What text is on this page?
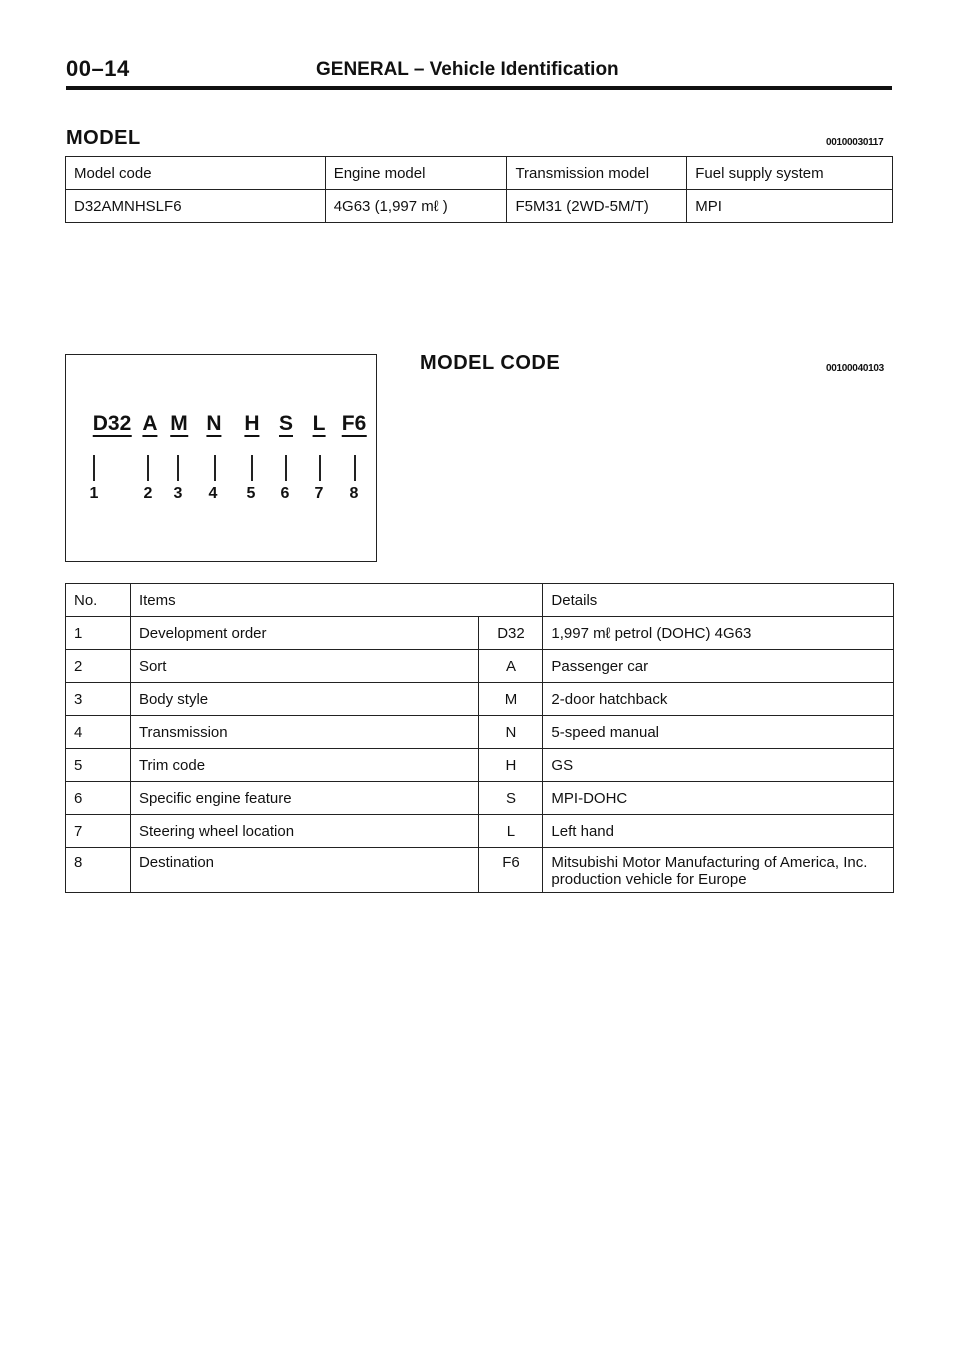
00–14	GENERAL – Vehicle Identification
MODEL	00100030117
Model code	Engine model	Transmission model	Fuel supply system
D32AMNHSLF6	4G63 (1,997 mℓ )	F5M31 (2WD-5M/T)	MPI
D32 A M N H S L F6
1	2 3 4 5 6 7 8
MODEL CODE	00100040103
No.	Items		Details
1	Development order	D32	1,997 mℓ petrol (DOHC) 4G63
2	Sort	A	Passenger car
3	Body style	M	2-door hatchback
4	Transmission	N	5-speed manual
5	Trim code	H	GS
6	Specific engine feature	S	MPI-DOHC
7	Steering wheel location	L	Left hand
8	Destination	F6	Mitsubishi Motor Manufacturing of America, Inc.
production vehicle for Europe
